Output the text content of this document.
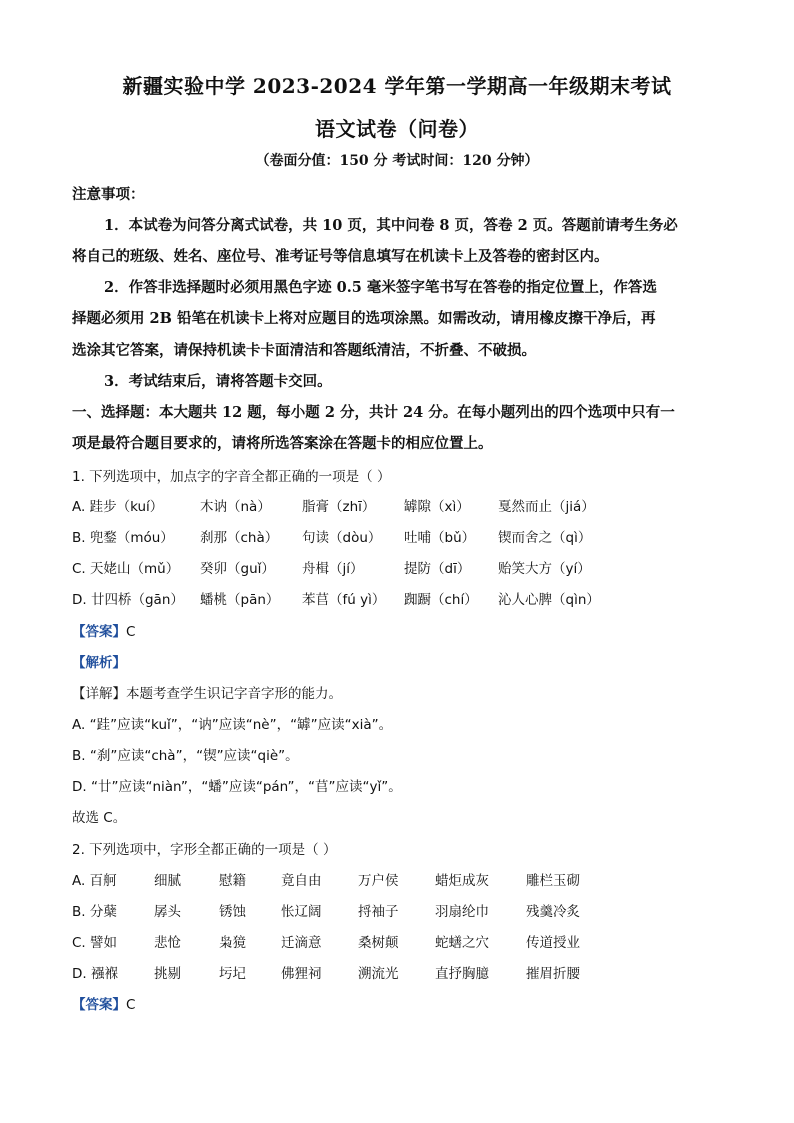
新疆实验中学 2023-2024 学年第一学期高一年级期末考试
语文试卷（问卷）
（卷面分值：150 分 考试时间：120 分钟）
注意事项：
1．本试卷为问答分离式试卷，共 10 页，其中问卷 8 页，答卷 2 页。答题前请考生务必
将自己的班级、姓名、座位号、准考证号等信息填写在机读卡上及答卷的密封区内。
2．作答非选择题时必须用黑色字迹 0.5 毫米签字笔书写在答卷的指定位置上，作答选
择题必须用 2B 铅笔在机读卡上将对应题目的选项涂黑。如需改动，请用橡皮擦干净后，再
选涂其它答案，请保持机读卡卡面清洁和答题纸清洁，不折叠、不破损。
3．考试结束后，请将答题卡交回。
一、选择题：本大题共 12 题，每小题 2 分，共计 24 分。在每小题列出的四个选项中只有一
项是最符合题目要求的，请将所选答案涂在答题卡的相应位置上。
1. 下列选项中，加点字的字音全都正确的一项是（ ）
A. 跬步（kuí）	木讷（nà） 脂膏（zhī） 罅隙（xì） 戛然而止（jiá）
B. 兜鍪（móu） 刹那（chà） 句读（dòu） 吐哺（bǔ） 锲而舍之（qì）
C. 天姥山（mǔ） 癸卯（guǐ） 舟楫（jí）	提防（dī） 贻笑大方（yí）
D. 廿四桥（gān） 蟠桃（pān） 苯苢（fú yì） 踟蹰（chí） 沁人心脾（qìn）
【答案】C
【解析】
【详解】本题考查学生识记字音字形的能力。
A. “跬”应读“kuǐ”，“讷”应读“nè”，“罅”应读“xià”。
B. “刹”应读“chà”，“锲”应读“qiè”。
D. “廿”应读“niàn”，“蟠”应读“pán”，“苢”应读“yǐ”。
故选 C。
2. 下列选项中，字形全都正确的一项是（ ）
A. 百舸	细腻	慰籍	竟自由	万户侯	蜡炬成灰	雕栏玉砌
B. 分蘖	孱头	锈蚀	怅辽阔	捋袖子	羽扇纶巾	残羹冷炙
C. 譬如	悲怆	枭獍	迁滴意	桑树颠	蛇蟮之穴	传道授业
D. 襁褓	挑剔	圬圮	佛狸祠	溯流光	直抒胸臆	摧眉折腰
【答案】C
